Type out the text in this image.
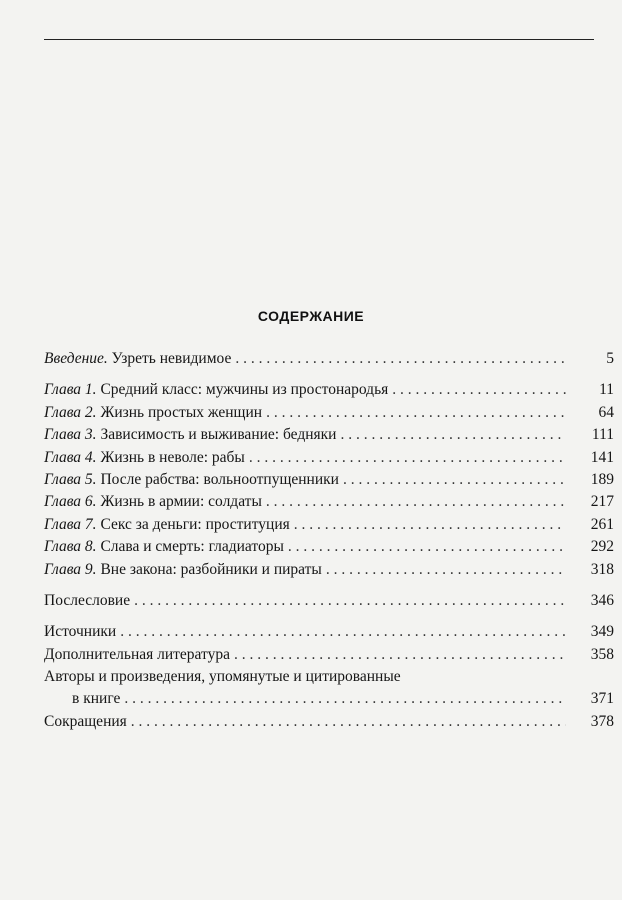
СОДЕРЖАНИЕ
Введение. Узреть невидимое . . .	5
Глава 1. Средний класс: мужчины из простонародья . . .	11
Глава 2. Жизнь простых женщин . . .	64
Глава 3. Зависимость и выживание: бедняки . . .	111
Глава 4. Жизнь в неволе: рабы . . .	141
Глава 5. После рабства: вольноотпущенники . . .	189
Глава 6. Жизнь в армии: солдаты . . .	217
Глава 7. Секс за деньги: проституция . . .	261
Глава 8. Слава и смерть: гладиаторы . . .	292
Глава 9. Вне закона: разбойники и пираты . . .	318
Послесловие . . .	346
Источники . . .	349
Дополнительная литература . . .	358
Авторы и произведения, упомянутые и цитированные
в книге . . .	371
Сокращения . . .	378
